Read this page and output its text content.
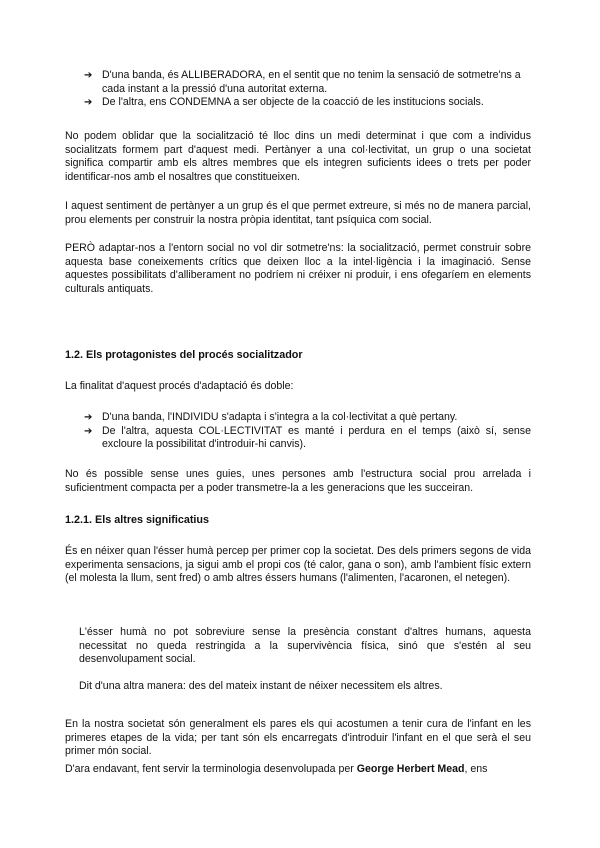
➔ D'una banda, és ALLIBERADORA, en el sentit que no tenim la sensació de sotmetre'ns a cada instant a la pressió d'una autoritat externa.
➔ De l'altra, ens CONDEMNA a ser objecte de la coacció de les institucions socials.

No podem oblidar que la socialització té lloc dins un medi determinat i que com a individus socialitzats formem part d'aquest medi. Pertànyer a una col·lectivitat, un grup o una societat significa compartir amb els altres membres que els integren suficients idees o trets per poder identificar-nos amb el nosaltres que constitueixen.

I aquest sentiment de pertànyer a un grup és el que permet extreure, si més no de manera parcial, prou elements per construir la nostra pròpia identitat, tant psíquica com social.

PERÒ adaptar-nos a l'entorn social no vol dir sotmetre'ns: la socialització, permet construir sobre aquesta base coneixements crítics que deixen lloc a la intel·ligència i la imaginació. Sense aquestes possibilitats d'alliberament no podríem ni créixer ni produir, i ens ofegaríem en elements culturals antiquats.

1.2. Els protagonistes del procés socialitzador
La finalitat d'aquest procés d'adaptació és doble:
➔ D'una banda, l'INDIVIDU s'adapta i s'integra a la col·lectivitat a què pertany.
➔ De l'altra, aquesta COL·LECTIVITAT es manté i perdura en el temps (això sí, sense excloure la possibilitat d'introduir-hi canvis).

No és possible sense unes guies, unes persones amb l'estructura social prou arrelada i suficientment compacta per a poder transmetre-la a les generacions que les succeiran.

1.2.1. Els altres significatius

És en néixer quan l'ésser humà percep per primer cop la societat. Des dels primers segons de vida experimenta sensacions, ja sigui amb el propi cos (té calor, gana o son), amb l'ambient físic extern (el molesta la llum, sent fred) o amb altres éssers humans (l'alimenten, l'acaronen, el netegen).

L'ésser humà no pot sobreviure sense la presència constant d'altres humans, aquesta necessitat no queda restringida a la supervivència física, sinó que s'estén al seu desenvolupament social.

Dit d'una altra manera: des del mateix instant de néixer necessitem els altres.

En la nostra societat són generalment els pares els qui acostumen a tenir cura de l'infant en les primeres etapes de la vida; per tant són els encarregats d'introduir l'infant en el que serà el seu primer món social.

D'ara endavant, fent servir la terminologia desenvolupada per George Herbert Mead, ens
